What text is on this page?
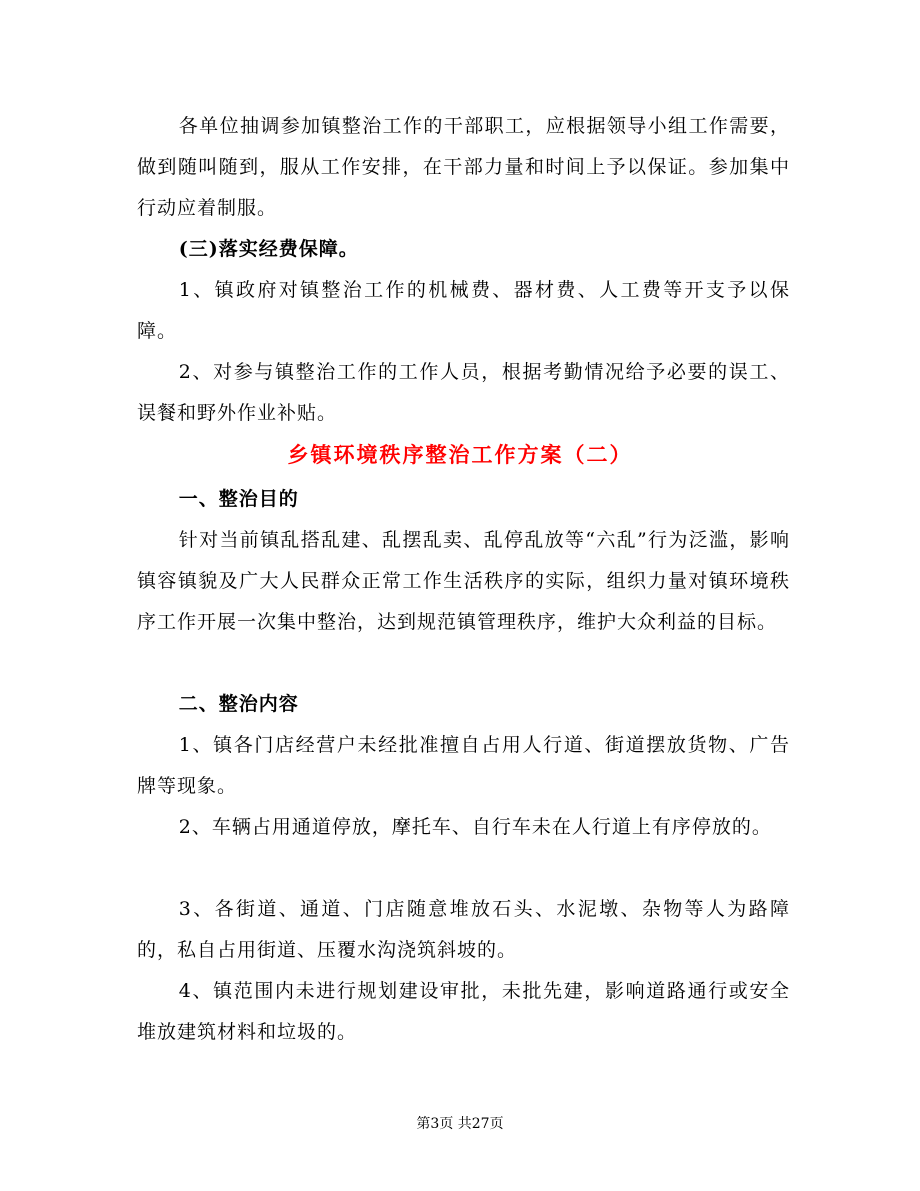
各单位抽调参加镇整治工作的干部职工，应根据领导小组工作需要，做到随叫随到，服从工作安排，在干部力量和时间上予以保证。参加集中行动应着制服。

(三)落实经费保障。

1、镇政府对镇整治工作的机械费、器材费、人工费等开支予以保障。

2、对参与镇整治工作的工作人员，根据考勤情况给予必要的误工、误餐和野外作业补贴。

乡镇环境秩序整治工作方案（二）

一、整治目的

针对当前镇乱搭乱建、乱摆乱卖、乱停乱放等“六乱”行为泛滥，影响镇容镇貌及广大人民群众正常工作生活秩序的实际，组织力量对镇环境秩序工作开展一次集中整治，达到规范镇管理秩序，维护大众利益的目标。

二、整治内容

1、镇各门店经营户未经批准擅自占用人行道、街道摆放货物、广告牌等现象。

2、车辆占用通道停放，摩托车、自行车未在人行道上有序停放的。

3、各街道、通道、门店随意堆放石头、水泥墩、杂物等人为路障的，私自占用街道、压覆水沟浇筑斜坡的。

4、镇范围内未进行规划建设审批，未批先建，影响道路通行或安全堆放建筑材料和垃圾的。

第3页 共27页
